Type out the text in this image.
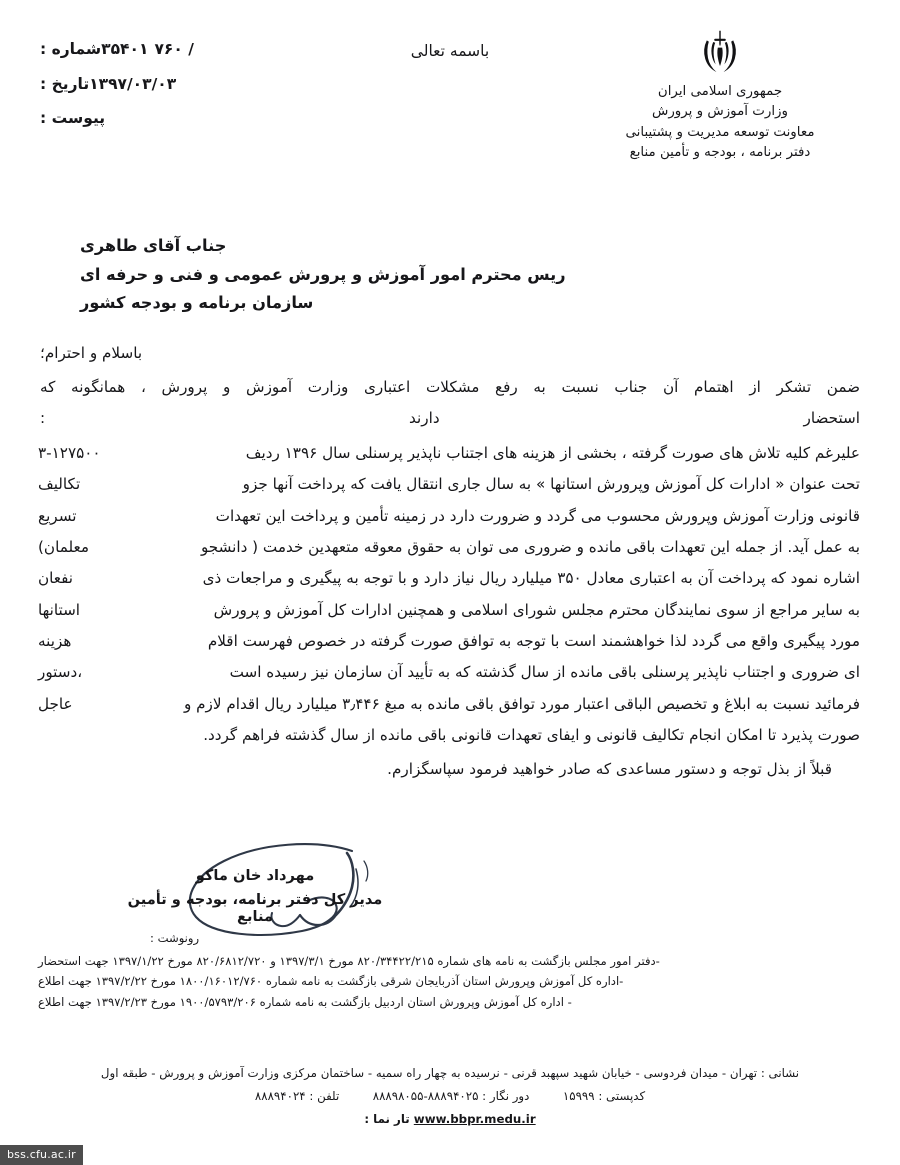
/ ۷۶۰
۳۵۴۰۱
شماره :
۱۳۹۷/۰۳/۰۳
تاریخ :
پیوست :
باسمه تعالی
جمهوری اسلامی ایران
وزارت آموزش و پرورش
معاونت توسعه مدیریت و پشتیبانی
دفتر برنامه ، بودجه و تأمین منابع
جناب آقای طاهری
ریس محترم امور آموزش و پرورش عمومی و فنی و حرفه ای
سازمان برنامه و بودجه کشور
باسلام و احترام؛
ضمن تشکر از اهتمام آن جناب نسبت به رفع مشکلات اعتباری وزارت آموزش و پرورش ، همانگونه که
استحضار دارند :
علیرغم کلیه تلاش های صورت گرفته ، بخشی از هزینه های اجتناب ناپذیر پرسنلی سال ۱۳۹۶ ردیف
۳-۱۲۷۵۰۰
تحت عنوان « ادارات کل آموزش وپرورش استانها » به سال جاری انتقال یافت که پرداخت آنها جزو
تکالیف
قانونی وزارت آموزش وپرورش محسوب می گردد و ضرورت دارد در زمینه تأمین و پرداخت این تعهدات
تسریع
به عمل آید. از جمله این تعهدات باقی مانده و ضروری می توان به حقوق معوقه متعهدین خدمت ( دانشجو
معلمان)
اشاره نمود که پرداخت آن به اعتباری معادل ۳۵۰ میلیارد ریال نیاز دارد و با توجه به پیگیری و مراجعات ذی
نفعان
به سایر مراجع از سوی نمایندگان محترم مجلس شورای اسلامی و همچنین ادارات کل آموزش و پرورش
استانها
مورد پیگیری واقع می گردد لذا خواهشمند است با توجه به توافق صورت گرفته در خصوص فهرست اقلام
هزینه
ای ضروری و اجتناب ناپذیر پرسنلی باقی مانده از سال گذشته که به تأیید آن سازمان نیز رسیده است
،دستور
فرمائید نسبت به ابلاغ و تخصیص الباقی اعتبار مورد توافق باقی مانده به مبغ ۳٫۴۴۶ میلیارد ریال اقدام لازم و
عاجل
صورت پذیرد تا امکان انجام تکالیف قانونی و ایفای تعهدات قانونی باقی مانده از سال گذشته فراهم گردد.
قبلاً از بذل توجه و دستور مساعدی که صادر خواهید فرمود سپاسگزارم.
مهرداد خان ماکو
مدیر کل دفتر برنامه، بودجه و تأمین منابع
رونوشت :
-دفتر امور مجلس بازگشت به نامه های شماره ۸۲۰/۳۴۴۲۲/۲۱۵ مورخ ۱۳۹۷/۳/۱ و ۸۲۰/۶۸۱۲/۷۲۰ مورخ ۱۳۹۷/۱/۲۲ جهت استحضار
-اداره کل آموزش وپرورش استان آذربایجان شرقی بازگشت به نامه شماره ۱۸۰۰/۱۶۰۱۲/۷۶۰ مورخ ۱۳۹۷/۲/۲۲ جهت اطلاع
- اداره کل آموزش وپرورش استان اردبیل بازگشت به نامه شماره ۱۹۰۰/۵۷۹۳/۲۰۶ مورخ ۱۳۹۷/۲/۲۳ جهت اطلاع
نشانی : تهران - میدان فردوسی - خیابان شهید سپهبد قرنی - نرسیده به چهار راه سمیه - ساختمان مرکزی وزارت آموزش و پرورش - طبقه اول
کدپستی : ۱۵۹۹۹  دور نگار : ۸۸۸۹۴۰۲۵-۸۸۸۹۸۰۵۵  تلفن : ۸۸۸۹۴۰۲۴
www.bbpr.medu.ir تار نما :
bss.cfu.ac.ir
